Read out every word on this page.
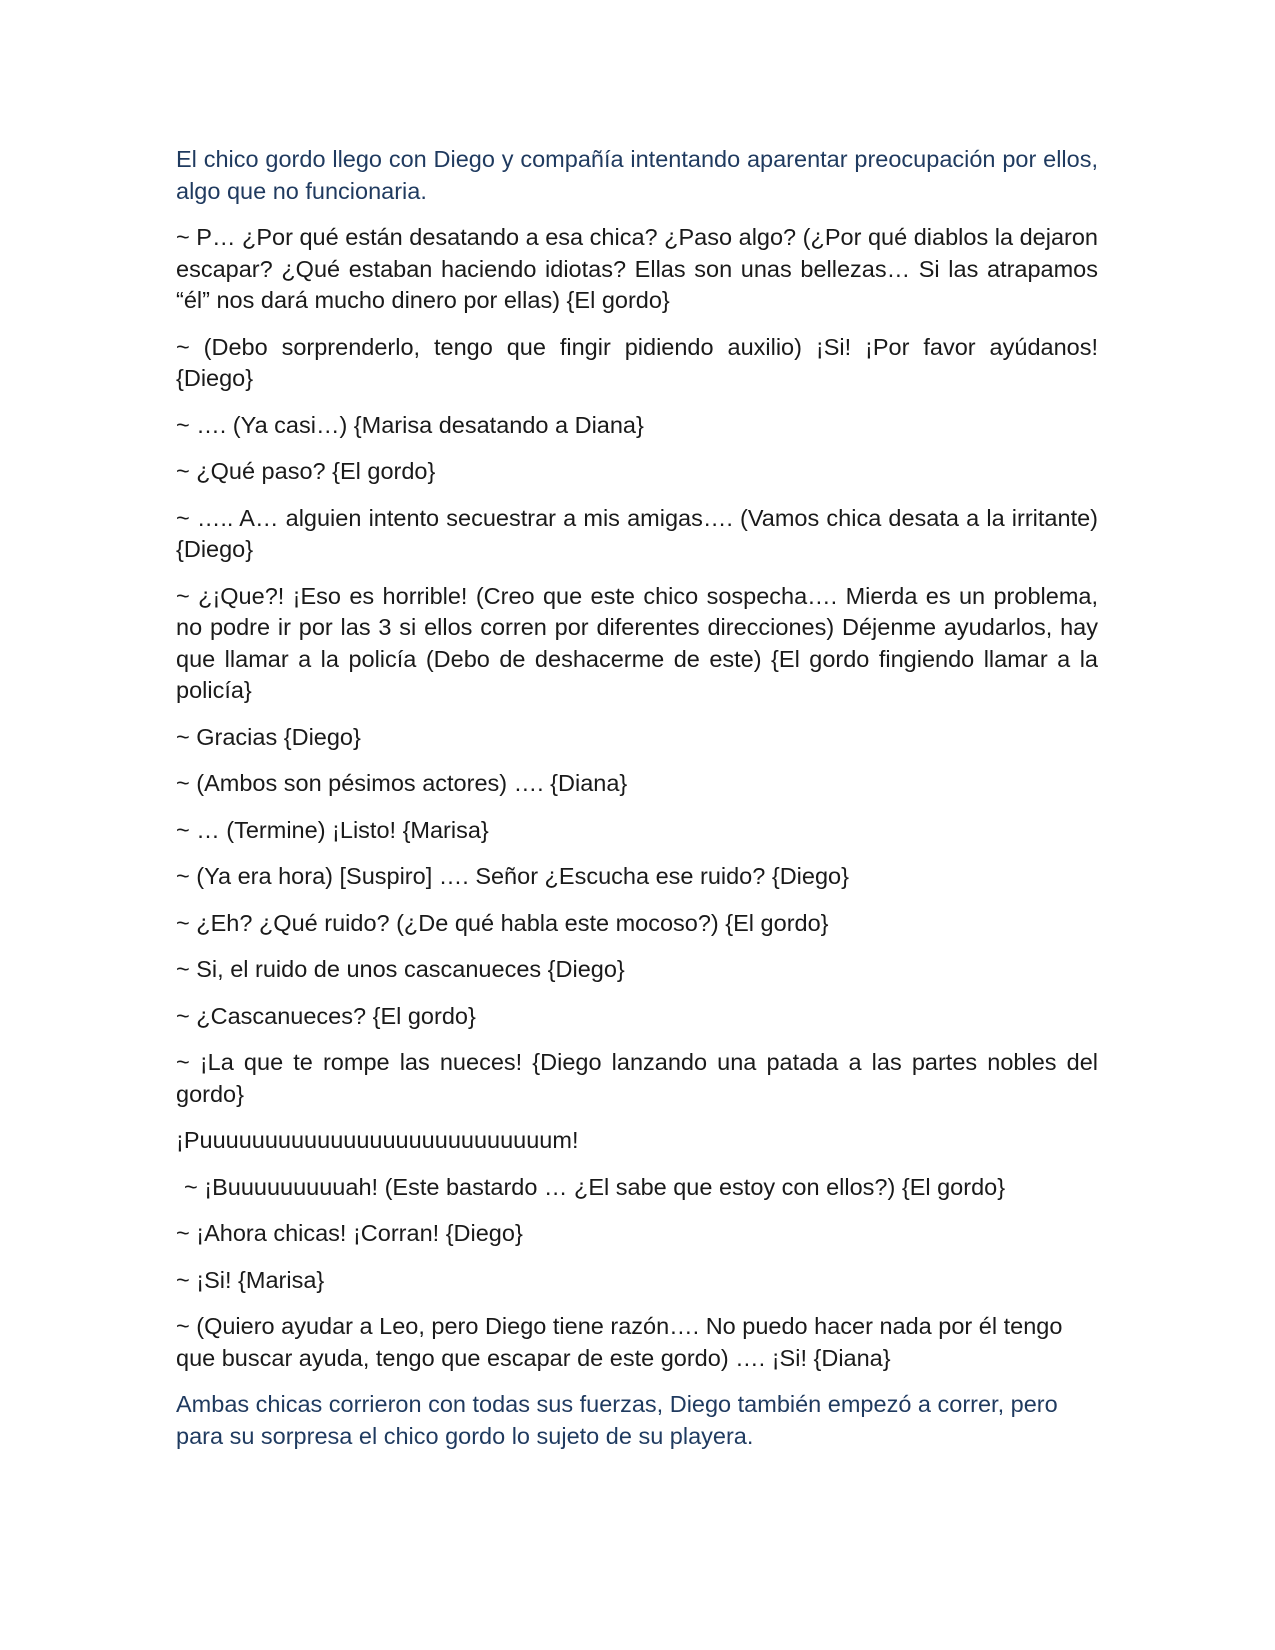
El chico gordo llego con Diego y compañía intentando aparentar preocupación por ellos, algo que no funcionaria.

~ P… ¿Por qué están desatando a esa chica? ¿Paso algo? (¿Por qué diablos la dejaron escapar? ¿Qué estaban haciendo idiotas? Ellas son unas bellezas… Si las atrapamos “él” nos dará mucho dinero por ellas) {El gordo}

~ (Debo sorprenderlo, tengo que fingir pidiendo auxilio) ¡Si! ¡Por favor ayúdanos! {Diego}

~ …. (Ya casi…) {Marisa desatando a Diana}

~ ¿Qué paso? {El gordo}

~ ….. A… alguien intento secuestrar a mis amigas…. (Vamos chica desata a la irritante) {Diego}

~ ¿¡Que?! ¡Eso es horrible! (Creo que este chico sospecha…. Mierda es un problema, no podre ir por las 3 si ellos corren por diferentes direcciones) Déjenme ayudarlos, hay que llamar a la policía (Debo de deshacerme de este) {El gordo fingiendo llamar a la policía}

~ Gracias {Diego}

~ (Ambos son pésimos actores) …. {Diana}

~ … (Termine) ¡Listo! {Marisa}

~ (Ya era hora) [Suspiro] …. Señor ¿Escucha ese ruido? {Diego}

~ ¿Eh? ¿Qué ruido? (¿De qué habla este mocoso?) {El gordo}

~ Si, el ruido de unos cascanueces {Diego}

~ ¿Cascanueces? {El gordo}

~ ¡La que te rompe las nueces! {Diego lanzando una patada a las partes nobles del gordo}

¡Puuuuuuuuuuuuuuuuuuuuuuuuuuum!

~ ¡Buuuuuuuuuah! (Este bastardo … ¿El sabe que estoy con ellos?) {El gordo}

~ ¡Ahora chicas! ¡Corran! {Diego}

~ ¡Si! {Marisa}

~ (Quiero ayudar a Leo, pero Diego tiene razón…. No puedo hacer nada por él tengo que buscar ayuda, tengo que escapar de este gordo) …. ¡Si! {Diana}

Ambas chicas corrieron con todas sus fuerzas, Diego también empezó a correr, pero para su sorpresa el chico gordo lo sujeto de su playera.
